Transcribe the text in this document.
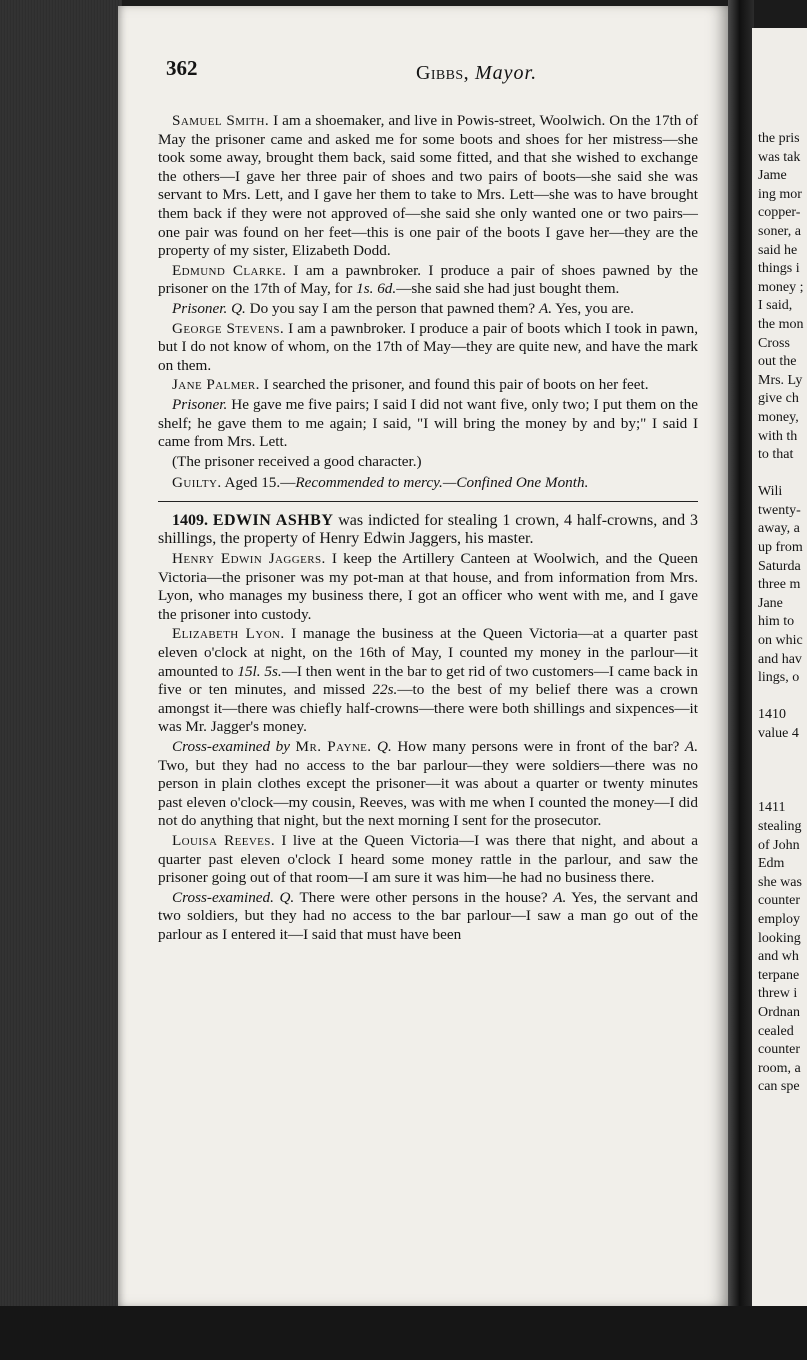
362	Gibbs, Mayor.

Samuel Smith. I am a shoemaker, and live in Powis-street, Woolwich. On the 17th of May the prisoner came and asked me for some boots and shoes for her mistress—she took some away, brought them back, said some fitted, and that she wished to exchange the others—I gave her three pair of shoes and two pairs of boots—she said she was servant to Mrs. Lett, and I gave her them to take to Mrs. Lett—she was to have brought them back if they were not approved of—she said she only wanted one or two pairs—one pair was found on her feet—this is one pair of the boots I gave her—they are the property of my sister, Elizabeth Dodd.

Edmund Clarke. I am a pawnbroker. I produce a pair of shoes pawned by the prisoner on the 17th of May, for 1s. 6d.—she said she had just bought them.

Prisoner. Q. Do you say I am the person that pawned them? A. Yes, you are.

George Stevens. I am a pawnbroker. I produce a pair of boots which I took in pawn, but I do not know of whom, on the 17th of May—they are quite new, and have the mark on them.

Jane Palmer. I searched the prisoner, and found this pair of boots on her feet.

Prisoner. He gave me five pairs; I said I did not want five, only two; I put them on the shelf; he gave them to me again; I said, "I will bring the money by and by;" I said I came from Mrs. Lett.

(The prisoner received a good character.)

Guilty. Aged 15.—Recommended to mercy.—Confined One Month.

1409. EDWIN ASHBY was indicted for stealing 1 crown, 4 half-crowns, and 3 shillings, the property of Henry Edwin Jaggers, his master.

Henry Edwin Jaggers. I keep the Artillery Canteen at Woolwich, and the Queen Victoria—the prisoner was my pot-man at that house, and from information from Mrs. Lyon, who manages my business there, I got an officer who went with me, and I gave the prisoner into custody.

Elizabeth Lyon. I manage the business at the Queen Victoria—at a quarter past eleven o'clock at night, on the 16th of May, I counted my money in the parlour—it amounted to 15l. 5s.—I then went in the bar to get rid of two customers—I came back in five or ten minutes, and missed 22s.—to the best of my belief there was a crown amongst it—there was chiefly half-crowns—there were both shillings and sixpences—it was Mr. Jagger's money.

Cross-examined by Mr. Payne. Q. How many persons were in front of the bar? A. Two, but they had no access to the bar parlour—they were soldiers—there was no person in plain clothes except the prisoner—it was about a quarter or twenty minutes past eleven o'clock—my cousin, Reeves, was with me when I counted the money—I did not do anything that night, but the next morning I sent for the prosecutor.

Louisa Reeves. I live at the Queen Victoria—I was there that night, and about a quarter past eleven o'clock I heard some money rattle in the parlour, and saw the prisoner going out of that room—I am sure it was him—he had no business there.

Cross-examined. Q. There were other persons in the house? A. Yes, the servant and two soldiers, but they had no access to the bar parlour—I saw a man go out of the parlour as I entered it—I said that must have been

the pris
was tak
Jame
ing mor
copper-
soner, a
said he
things i
money ;
I said,
the mon
Cross
out the
Mrs. Ly
give ch
money,
with th
to that
Wili
twenty-
away, a
up from
Saturda
three m
Jane
him to
on whic
and hav
lings, o
1410
value 4
1411
stealing
of John
Edm
she was
counter
employ
looking
and wh
terpane
threw i
Ordnan
cealed
counter
room, a
can spe
